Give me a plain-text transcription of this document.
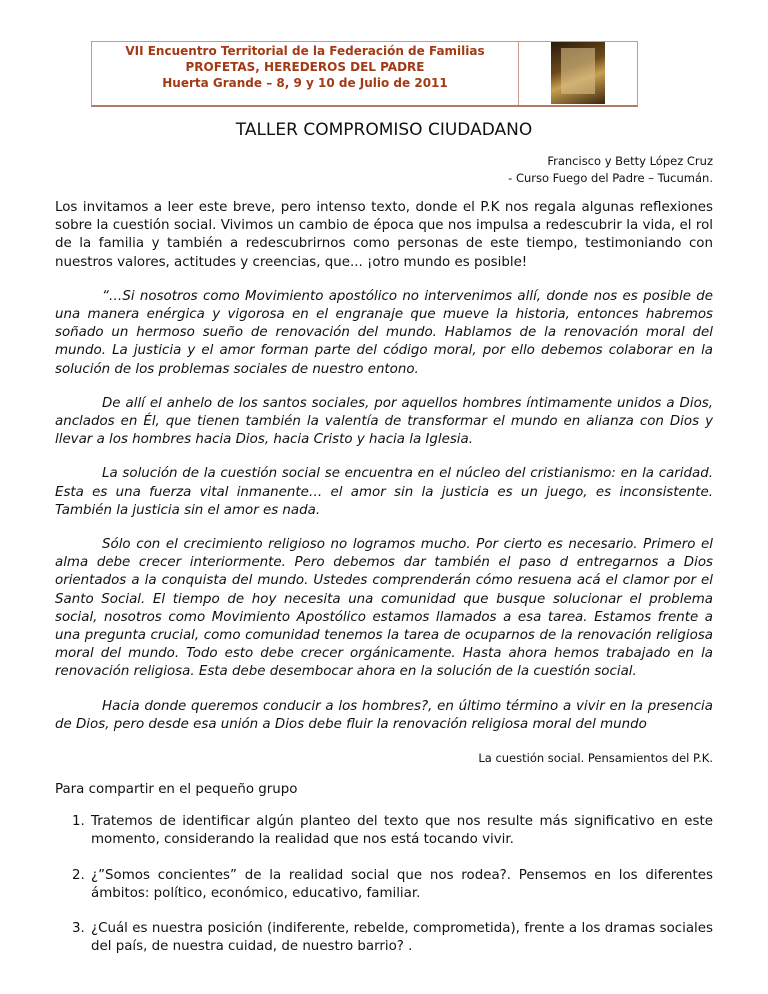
VII Encuentro Territorial de la Federación de Familias
PROFETAS, HEREDEROS DEL PADRE
Huerta Grande – 8, 9 y 10 de Julio de 2011
TALLER COMPROMISO CIUDADANO
Francisco y Betty López Cruz
- Curso Fuego del Padre – Tucumán.

Los invitamos a leer este breve, pero intenso texto, donde el P.K nos regala algunas reflexiones sobre la cuestión social. Vivimos un cambio de época que nos impulsa a redescubrir la vida, el rol de la familia y también a redescubrirnos como personas de este tiempo, testimoniando con nuestros valores, actitudes y creencias, que... ¡otro mundo es posible!

“…Si nosotros como Movimiento apostólico no intervenimos allí, donde nos es posible de una manera enérgica y vigorosa en el engranaje que mueve la historia, entonces habremos soñado un hermoso sueño de renovación del mundo. Hablamos de la renovación moral del mundo. La justicia y el amor forman parte del código moral, por ello debemos colaborar en la solución de los problemas sociales de nuestro entono.

De allí el anhelo de los santos sociales, por aquellos hombres íntimamente unidos a Dios, anclados en Él, que tienen también la valentía de transformar el mundo en alianza con Dios y llevar a los hombres hacia Dios, hacia Cristo y hacia la Iglesia.

La solución de la cuestión social se encuentra en el núcleo del cristianismo: en la caridad. Esta es una fuerza vital inmanente… el amor sin la justicia es un juego, es inconsistente. También la justicia sin el amor es nada.

Sólo con el crecimiento religioso no logramos mucho. Por cierto es necesario. Primero el alma debe crecer interiormente. Pero debemos dar también el paso d entregarnos a Dios orientados a la conquista del mundo. Ustedes comprenderán cómo resuena acá el clamor por el Santo Social. El tiempo de hoy necesita una comunidad que busque solucionar el problema social, nosotros como Movimiento Apostólico estamos llamados a esa tarea. Estamos frente a una pregunta crucial, como comunidad tenemos la tarea de ocuparnos de la renovación religiosa moral del mundo. Todo esto debe crecer orgánicamente. Hasta ahora hemos trabajado en la renovación religiosa. Esta debe desembocar ahora en la solución de la cuestión social.

Hacia donde queremos conducir a los hombres?, en último término a vivir en la presencia de Dios, pero desde esa unión a Dios debe fluir la renovación religiosa moral del mundo

La cuestión social. Pensamientos del P.K.

Para compartir en el pequeño grupo

1. Tratemos de identificar algún planteo del texto que nos resulte más significativo en este momento, considerando la realidad que nos está tocando vivir.
2. ¿”Somos concientes” de la realidad social que nos rodea?. Pensemos en los diferentes ámbitos: político, económico, educativo, familiar.
3. ¿Cuál es nuestra posición (indiferente, rebelde, comprometida), frente a los dramas sociales del país, de nuestra cuidad, de nuestro barrio? .
